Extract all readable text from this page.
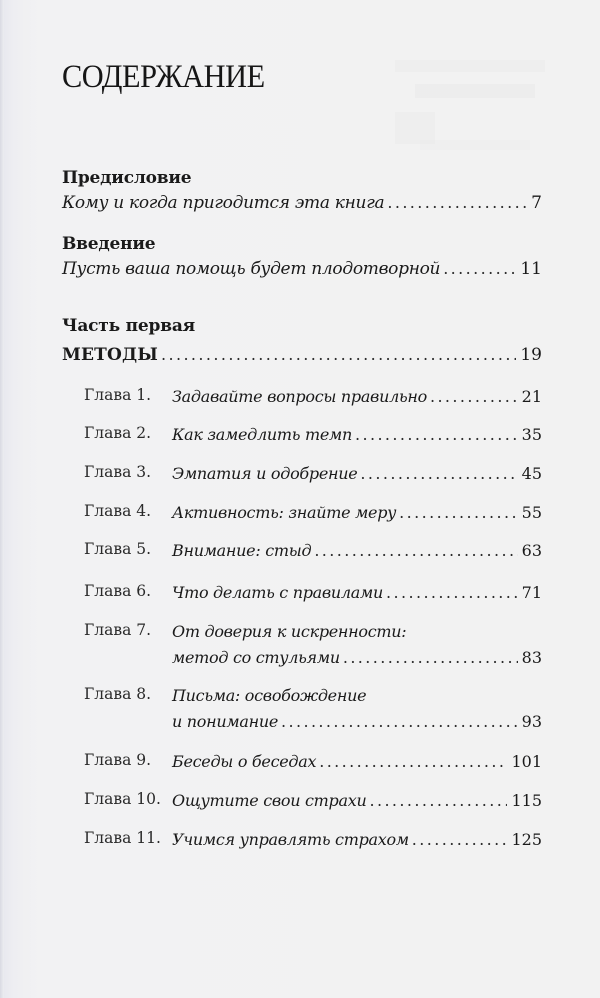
СОДЕРЖАНИЕ
Предисловие
Кому и когда пригодится эта книга .....	7
Введение
Пусть ваша помощь будет плодотворной .....	11
Часть первая
МЕТОДЫ .....	19
Глава 1. Задавайте вопросы правильно .....	21
Глава 2. Как замедлить темп .....	35
Глава 3. Эмпатия и одобрение .....	45
Глава 4. Активность: знайте меру .....	55
Глава 5. Внимание: стыд .....	63
Глава 6. Что делать с правилами .....	71
Глава 7. От доверия к искренности:
метод со стульями .....	83
Глава 8. Письма: освобождение
и понимание .....	93
Глава 9. Беседы о беседах .....	101
Глава 10. Ощутите свои страхи .....	115
Глава 11. Учимся управлять страхом .....	125
